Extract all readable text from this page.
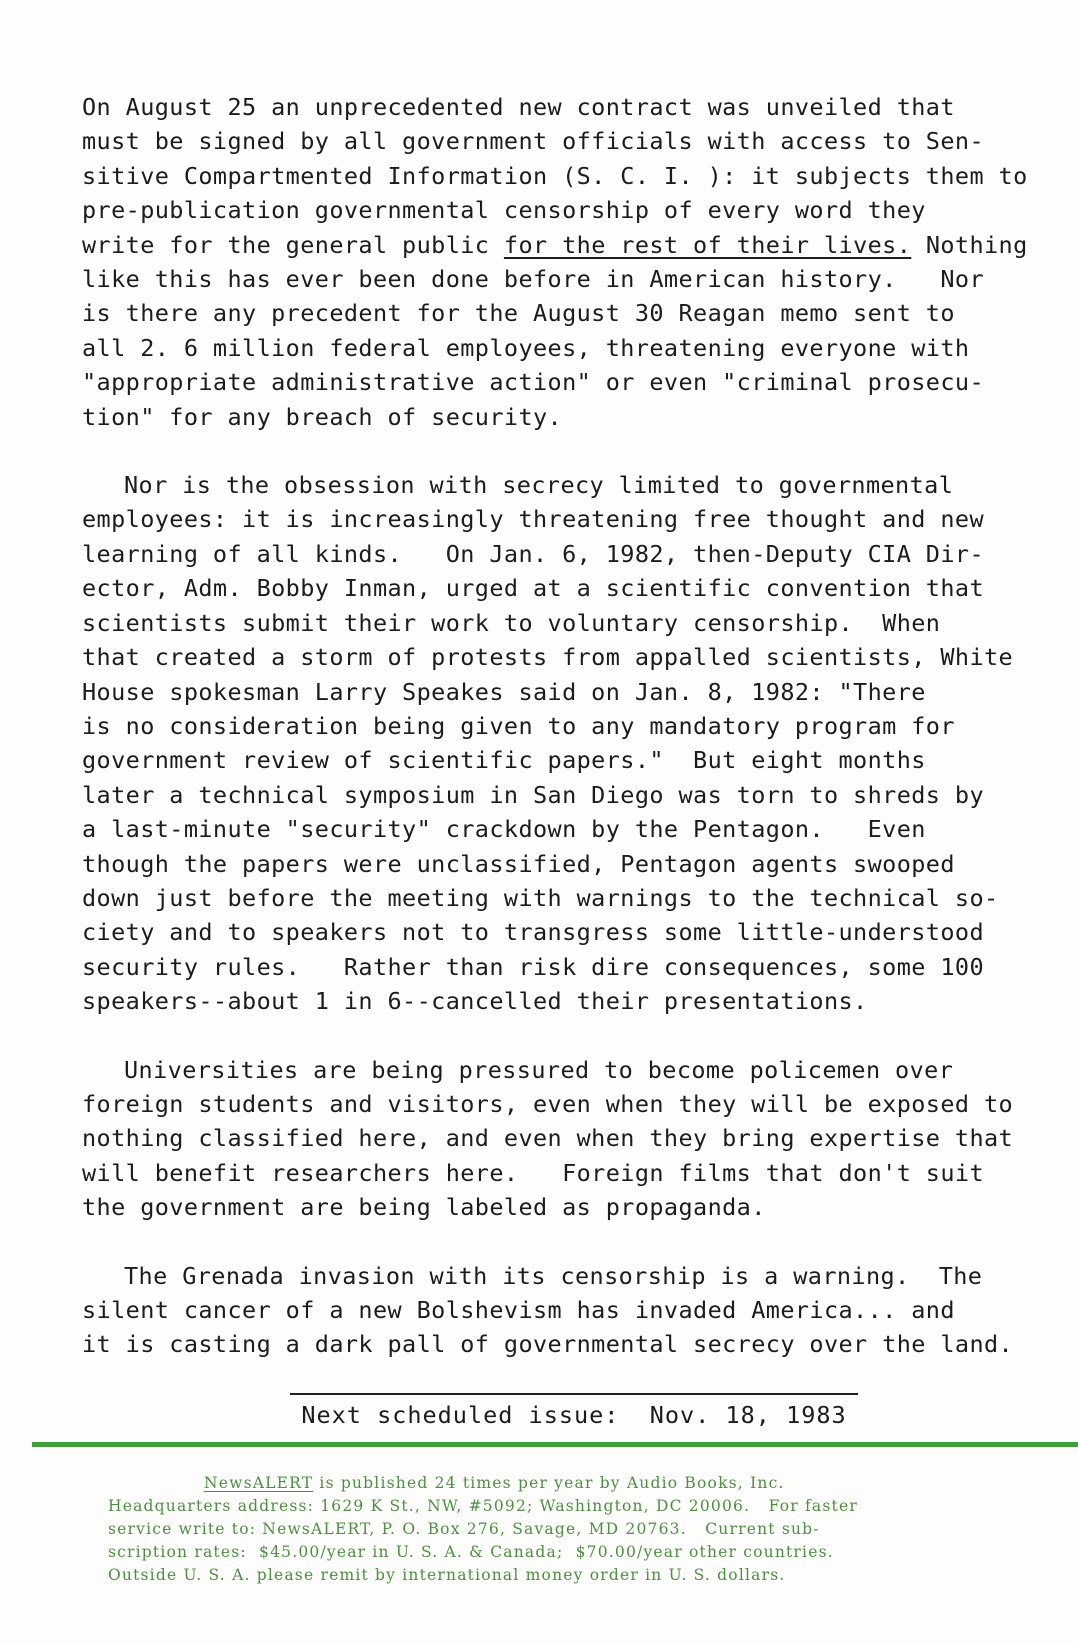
On August 25 an unprecedented new contract was unveiled that
must be signed by all government officials with access to Sen-
sitive Compartmented Information (S. C. I. ): it subjects them to
pre-publication governmental censorship of every word they
write for the general public for the rest of their lives. Nothing
like this has ever been done before in American history.   Nor
is there any precedent for the August 30 Reagan memo sent to
all 2. 6 million federal employees, threatening everyone with
"appropriate administrative action" or even "criminal prosecu-
tion" for any breach of security.
Nor is the obsession with secrecy limited to governmental
employees: it is increasingly threatening free thought and new
learning of all kinds.   On Jan. 6, 1982, then-Deputy CIA Dir-
ector, Adm. Bobby Inman, urged at a scientific convention that
scientists submit their work to voluntary censorship.  When
that created a storm of protests from appalled scientists, White
House spokesman Larry Speakes said on Jan. 8, 1982: "There
is no consideration being given to any mandatory program for
government review of scientific papers."  But eight months
later a technical symposium in San Diego was torn to shreds by
a last-minute "security" crackdown by the Pentagon.   Even
though the papers were unclassified, Pentagon agents swooped
down just before the meeting with warnings to the technical so-
ciety and to speakers not to transgress some little-understood
security rules.   Rather than risk dire consequences, some 100
speakers--about 1 in 6--cancelled their presentations.
Universities are being pressured to become policemen over
foreign students and visitors, even when they will be exposed to
nothing classified here, and even when they bring expertise that
will benefit researchers here.   Foreign films that don't suit
the government are being labeled as propaganda.
The Grenada invasion with its censorship is a warning.  The
silent cancer of a new Bolshevism has invaded America... and
it is casting a dark pall of governmental secrecy over the land.
Next scheduled issue:  Nov. 18, 1983
NewsALERT is published 24 times per year by Audio Books, Inc.
Headquarters address: 1629 K St., NW, #5092; Washington, DC 20006.   For faster
service write to: NewsALERT, P. O. Box 276, Savage, MD 20763.   Current sub-
scription rates:  $45.00/year in U. S. A. & Canada;  $70.00/year other countries.
Outside U. S. A. please remit by international money order in U. S. dollars.
